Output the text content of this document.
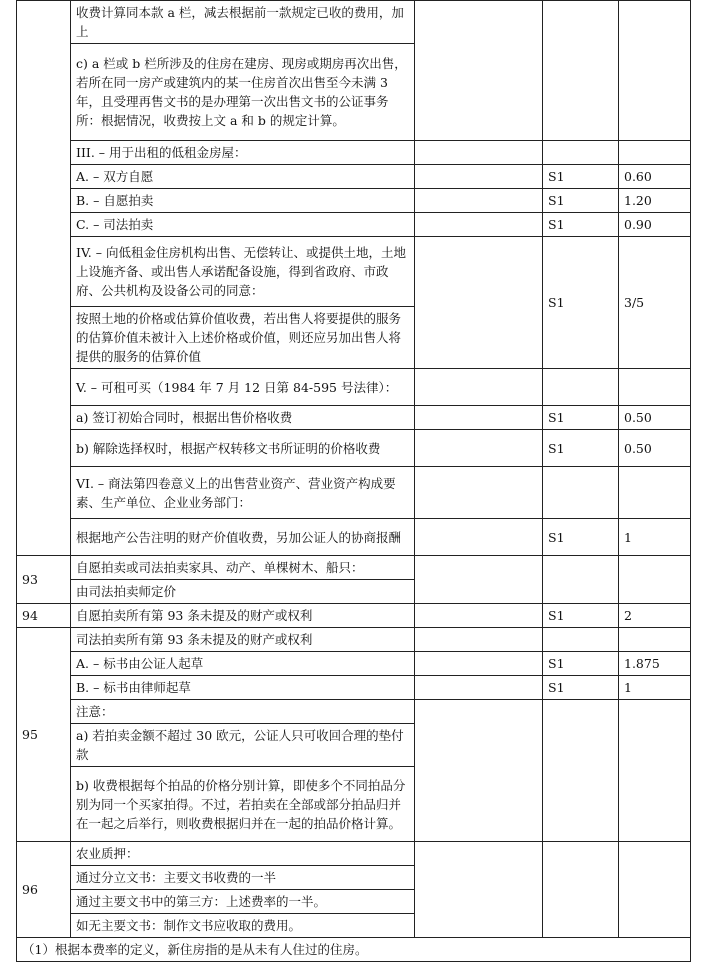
	收费计算同本款 a 栏，减去根据前一款规定已收的费用，加上			
	c) a 栏或 b 栏所涉及的住房在建房、现房或期房再次出售，若所在同一房产或建筑内的某一住房首次出售至今未满 3 年，且受理再售文书的是办理第一次出售文书的公证事务所：根据情况，收费按上文 a 和 b 的规定计算。			
	III. – 用于出租的低租金房屋：			
	A. – 双方自愿		S1	0.60
	B. – 自愿拍卖		S1	1.20
	C. – 司法拍卖		S1	0.90
	IV. – 向低租金住房机构出售、无偿转让、或提供土地，土地上设施齐备、或出售人承诺配备设施，得到省政府、市政府、公共机构及设备公司的同意：		S1	3/5
	按照土地的价格或估算价值收费，若出售人将要提供的服务的估算价值未被计入上述价格或价值，则还应另加出售人将提供的服务的估算价值			
	V. – 可租可买（1984 年 7 月 12 日第 84-595 号法律）：			
	a) 签订初始合同时，根据出售价格收费		S1	0.50
	b) 解除选择权时，根据产权转移文书所证明的价格收费		S1	0.50
	VI. – 商法第四卷意义上的出售营业资产、营业资产构成要素、生产单位、企业业务部门：			
	根据地产公告注明的财产价值收费，另加公证人的协商报酬		S1	1
93	自愿拍卖或司法拍卖家具、动产、单棵树木、船只：			
	由司法拍卖师定价			
94	自愿拍卖所有第 93 条未提及的财产或权利		S1	2
95	司法拍卖所有第 93 条未提及的财产或权利			
	A. – 标书由公证人起草		S1	1.875
	B. – 标书由律师起草		S1	1
	注意：			
	a) 若拍卖金额不超过 30 欧元，公证人只可收回合理的垫付款			
	b) 收费根据每个拍品的价格分别计算，即使多个不同拍品分别为同一个买家拍得。不过，若拍卖在全部或部分拍品归并在一起之后举行，则收费根据归并在一起的拍品价格计算。			
96	农业质押：			
	通过分立文书：主要文书收费的一半			
	通过主要文书中的第三方：上述费率的一半。			
	如无主要文书：制作文书应收取的费用。			
（1）根据本费率的定义，新住房指的是从未有人住过的住房。				
